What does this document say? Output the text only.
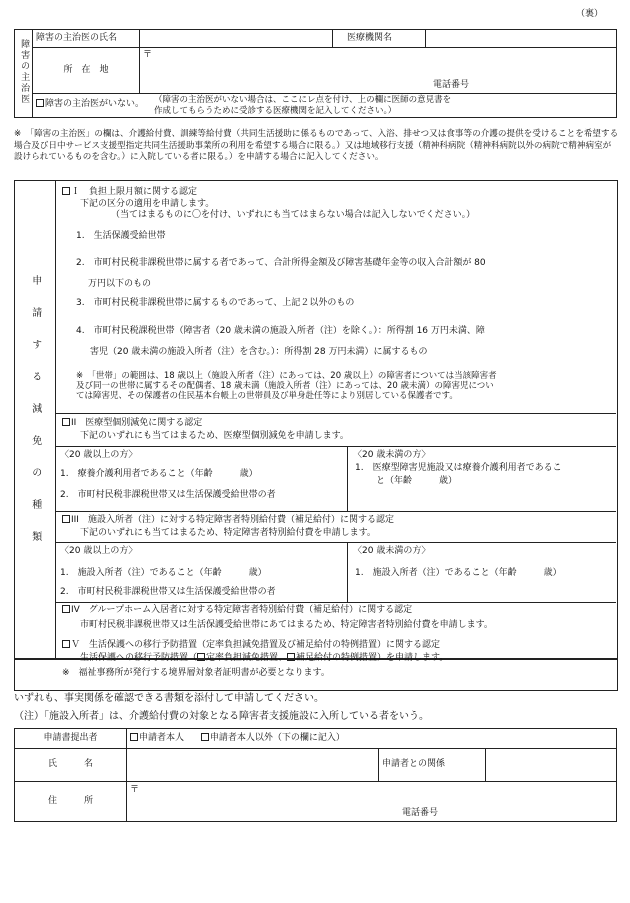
（裏）
障害の主治医	障害の主治医の氏名		医療機関名	
	所　在　地	〒
電話番号		

	障害の主治医がいない。 （障害の主治医がいない場合は、ここにレ点を付け、上の欄に医師の意見書を
作成してもらうために受診する医療機関を記入してください。）			
※　「障害の主治医」の欄は、介護給付費、訓練等給付費（共同生活援助に係るものであって、入浴、排せつ又は食事等の介護の提供を受けることを希望する場合及び日中サービス支援型指定共同生活援助事業所の利用を希望する場合に限る。）又は地域移行支援（精神科病院（精神科病院以外の病院で精神病室が設けられているものを含む。）に入院している者に限る。）を申請する場合に記入してください。
申請する減免の種類
Ｉ　負担上限月額に関する認定
下記の区分の適用を申請します。
（当てはまるものに〇を付け、いずれにも当てはまらない場合は記入しないでください。）
1.　生活保護受給世帯
2.　市町村民税非課税世帯に属する者であって、合計所得金額及び障害基礎年金等の収入合計額が 80
万円以下のもの
3.　市町村民税非課税世帯に属するものであって、上記２以外のもの
4.　市町村民税課税世帯（障害者（20 歳未満の施設入所者（注）を除く。）：所得割 16 万円未満、障
害児（20 歳未満の施設入所者（注）を含む。）：所得割 28 万円未満）に属するもの
※　「世帯」の範囲は、18 歳以上（施設入所者（注）にあっては、20 歳以上）の障害者については当該障害者
及び同一の世帯に属するその配偶者、18 歳未満（施設入所者（注）にあっては、20 歳未満）の障害児につい
ては障害児、その保護者の住民基本台帳上の世帯員及び単身赴任等により別居している保護者です。
II　医療型個別減免に関する認定
下記のいずれにも当てはまるため、医療型個別減免を申請します。
〈20 歳以上の方〉
1.　療養介護利用者であること（年齢　　　歳）
2.　市町村民税非課税世帯又は生活保護受給世帯の者
〈20 歳未満の方〉
1.　医療型障害児施設又は療養介護利用者であるこ
と（年齢　　　歳）
III　施設入所者（注）に対する特定障害者特別給付費（補足給付）に関する認定
下記のいずれにも当てはまるため、特定障害者特別給付費を申請します。
〈20 歳以上の方〉
1.　施設入所者（注）であること（年齢　　　歳）
2.　市町村民税非課税世帯又は生活保護受給世帯の者
〈20 歳未満の方〉
1.　施設入所者（注）であること（年齢　　　歳）
IV　グループホーム入居者に対する特定障害者特別給付費（補足給付）に関する認定
市町村民税非課税世帯又は生活保護受給世帯にあてはまるため、特定障害者特別給付費を申請します。
Ｖ　生活保護への移行予防措置（定率負担減免措置及び補足給付の特例措置）に関する認定
生活保護への移行予防措置（ 定率負担減免措置、 補足給付の特例措置）を申請します。
※　福祉事務所が発行する境界層対象者証明書が必要となります。
いずれも、事実関係を確認できる書類を添付して申請してください。
（注）「施設入所者」は、介護給付費の対象となる障害者支援施設に入所している者をいう。
申請書提出者	申請者本人 申請者本人以外（下の欄に記入）		
氏　　　名		申請者との関係	
住　　　所	〒
電話番号		
